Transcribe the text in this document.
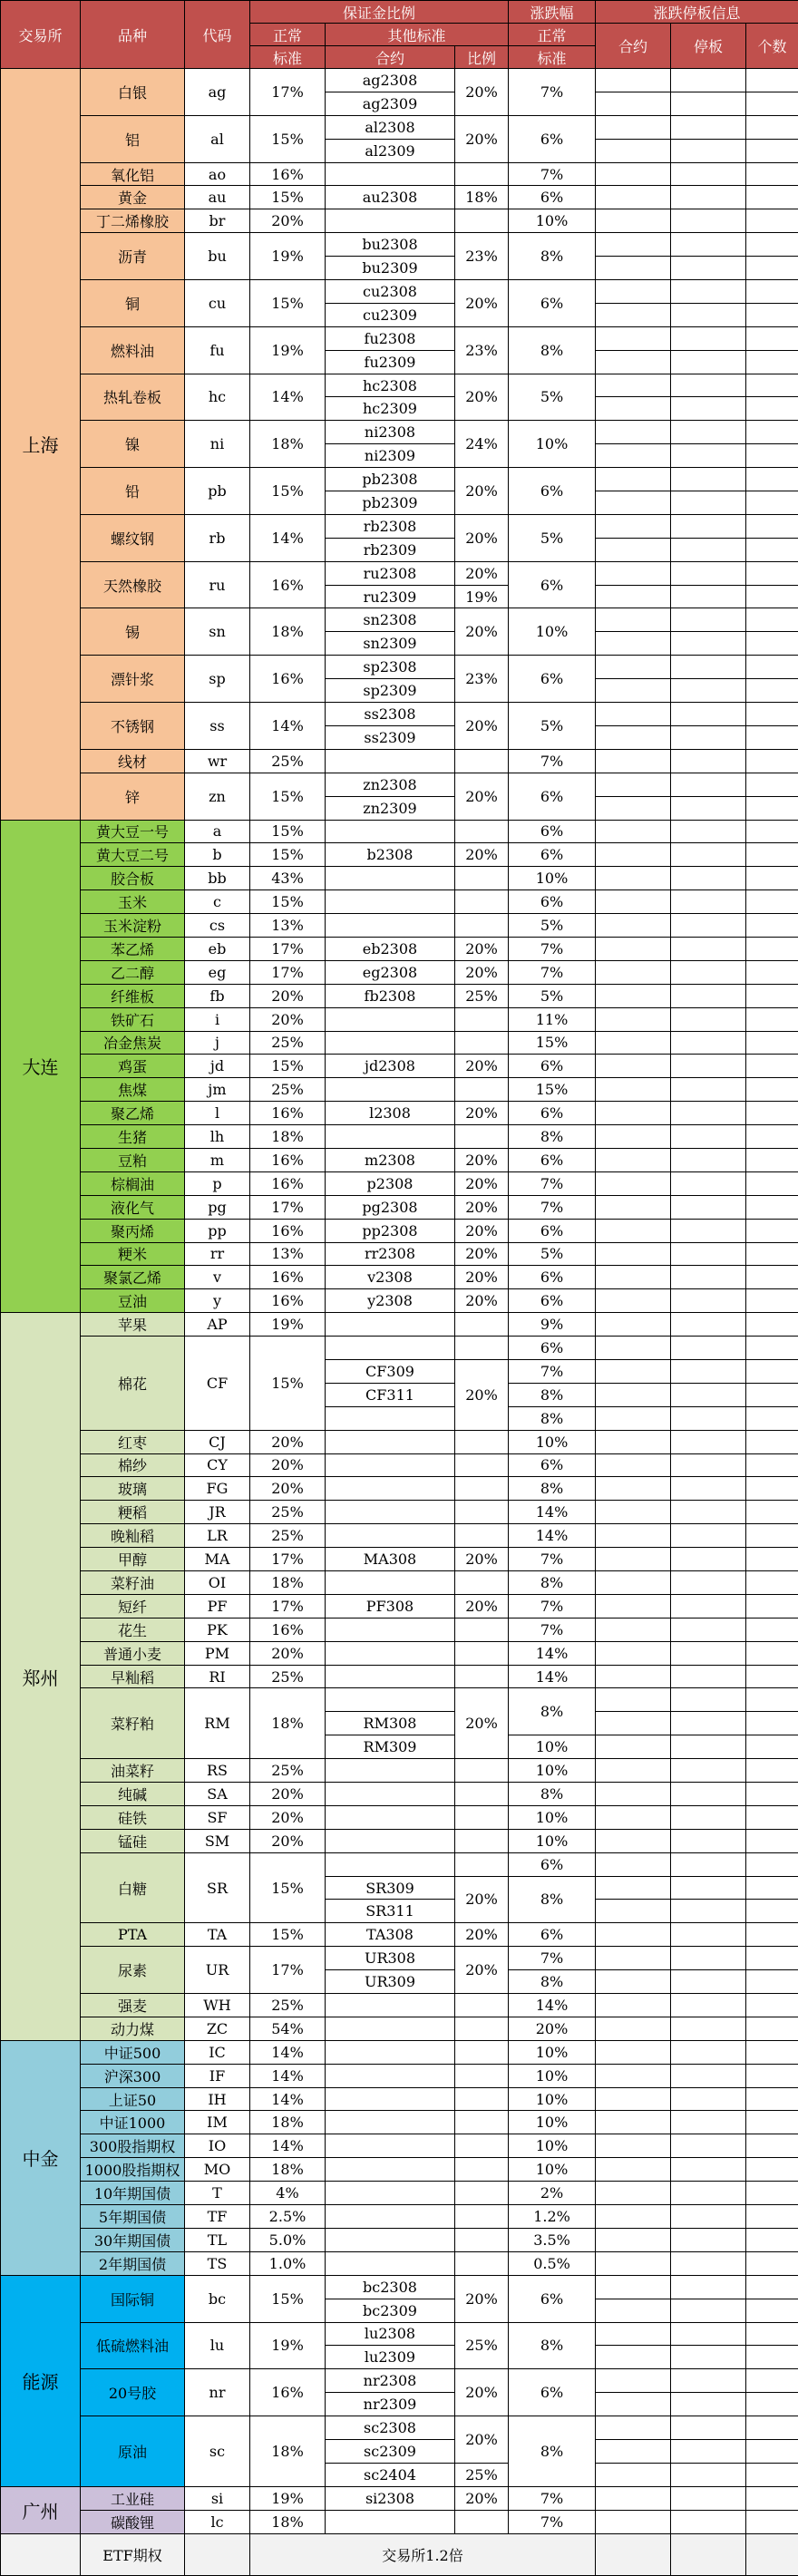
交易所	品种	代码	保证金比例			涨跌幅	涨跌停板信息		
			正常	其他标准		正常	合约	停板	个数
			标准	合约	比例	标准			
上海	白银	ag	17%	ag2308	20%	7%			
				ag2309					
	铝	al	15%	al2308	20%	6%			
				al2309					
	氧化铝	ao	16%			7%			
	黄金	au	15%	au2308	18%	6%			
	丁二烯橡胶	br	20%			10%			
	沥青	bu	19%	bu2308	23%	8%			
				bu2309					
	铜	cu	15%	cu2308	20%	6%			
				cu2309					
	燃料油	fu	19%	fu2308	23%	8%			
				fu2309					
	热轧卷板	hc	14%	hc2308	20%	5%			
				hc2309					
	镍	ni	18%	ni2308	24%	10%			
				ni2309					
	铅	pb	15%	pb2308	20%	6%			
				pb2309					
	螺纹钢	rb	14%	rb2308	20%	5%			
				rb2309					
	天然橡胶	ru	16%	ru2308	20%	6%			
				ru2309	19%				
	锡	sn	18%	sn2308	20%	10%			
				sn2309					
	漂针浆	sp	16%	sp2308	23%	6%			
				sp2309					
	不锈钢	ss	14%	ss2308	20%	5%			
				ss2309					
	线材	wr	25%			7%			
	锌	zn	15%	zn2308	20%	6%			
				zn2309					
大连	黄大豆一号	a	15%			6%			
	黄大豆二号	b	15%	b2308	20%	6%			
	胶合板	bb	43%			10%			
	玉米	c	15%			6%			
	玉米淀粉	cs	13%			5%			
	苯乙烯	eb	17%	eb2308	20%	7%			
	乙二醇	eg	17%	eg2308	20%	7%			
	纤维板	fb	20%	fb2308	25%	5%			
	铁矿石	i	20%			11%			
	冶金焦炭	j	25%			15%			
	鸡蛋	jd	15%	jd2308	20%	6%			
	焦煤	jm	25%			15%			
	聚乙烯	l	16%	l2308	20%	6%			
	生猪	lh	18%			8%			
	豆粕	m	16%	m2308	20%	6%			
	棕榈油	p	16%	p2308	20%	7%			
	液化气	pg	17%	pg2308	20%	7%			
	聚丙烯	pp	16%	pp2308	20%	6%			
	粳米	rr	13%	rr2308	20%	5%			
	聚氯乙烯	v	16%	v2308	20%	6%			
	豆油	y	16%	y2308	20%	6%			
郑州	苹果	AP	19%			9%			
	棉花	CF	15%			6%			
				CF309	20%	7%			
				CF311		8%			
						8%			
	红枣	CJ	20%			10%			
	棉纱	CY	20%			6%			
	玻璃	FG	20%			8%			
	粳稻	JR	25%			14%			
	晚籼稻	LR	25%			14%			
	甲醇	MA	17%	MA308	20%	7%			
	菜籽油	OI	18%			8%			
	短纤	PF	17%	PF308	20%	7%			
	花生	PK	16%			7%			
	普通小麦	PM	20%			14%			
	早籼稻	RI	25%			14%			
	菜籽粕	RM	18%		20%	8%			
				RM308					
				RM309		10%			
	油菜籽	RS	25%			10%			
	纯碱	SA	20%			8%			
	硅铁	SF	20%			10%			
	锰硅	SM	20%			10%			
	白糖	SR	15%			6%			
				SR309	20%	8%			
				SR311					
	PTA	TA	15%	TA308	20%	6%			
	尿素	UR	17%	UR308	20%	7%			
				UR309		8%			
	强麦	WH	25%			14%			
	动力煤	ZC	54%			20%			
中金	中证500	IC	14%			10%			
	沪深300	IF	14%			10%			
	上证50	IH	14%			10%			
	中证1000	IM	18%			10%			
	300股指期权	IO	14%			10%			
	1000股指期权	MO	18%			10%			
	10年期国债	T	4%			2%			
	5年期国债	TF	2.5%			1.2%			
	30年期国债	TL	5.0%			3.5%			
	2年期国债	TS	1.0%			0.5%			
能源	国际铜	bc	15%	bc2308	20%	6%			
				bc2309					
	低硫燃料油	lu	19%	lu2308	25%	8%			
				lu2309					
	20号胶	nr	16%	nr2308	20%	6%			
				nr2309					
	原油	sc	18%	sc2308	20%	8%			
				sc2309					
				sc2404	25%				
广州	工业硅	si	19%	si2308	20%	7%			
	碳酸锂	lc	18%			7%			
	ETF期权		交易所1.2倍						
